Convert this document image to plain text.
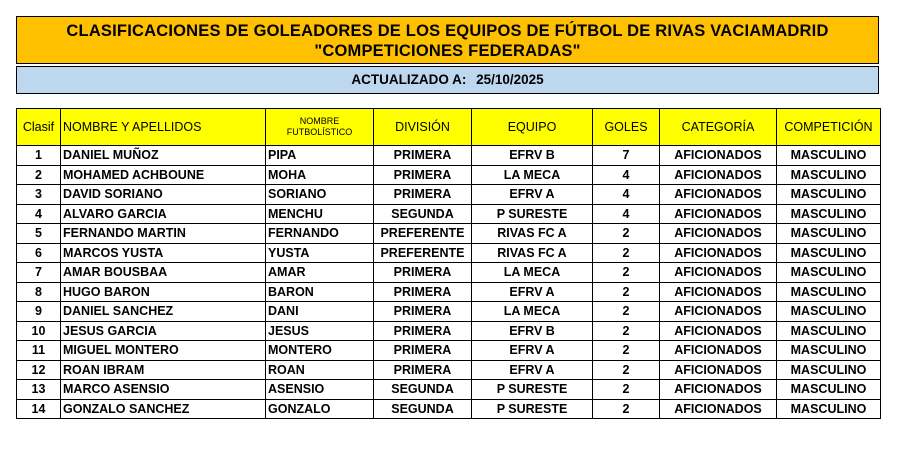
CLASIFICACIONES DE GOLEADORES DE LOS EQUIPOS DE FÚTBOL DE RIVAS VACIAMADRID
"COMPETICIONES FEDERADAS"
ACTUALIZADO A: 25/10/2025
Clasif	NOMBRE Y APELLIDOS	NOMBRE FUTBOLÍSTICO	DIVISIÓN	EQUIPO	GOLES	CATEGORÍA	COMPETICIÓN
1	DANIEL MUÑOZ	PIPA	PRIMERA	EFRV B	7	AFICIONADOS	MASCULINO
2	MOHAMED ACHBOUNE	MOHA	PRIMERA	LA MECA	4	AFICIONADOS	MASCULINO
3	DAVID SORIANO	SORIANO	PRIMERA	EFRV A	4	AFICIONADOS	MASCULINO
4	ALVARO GARCIA	MENCHU	SEGUNDA	P SURESTE	4	AFICIONADOS	MASCULINO
5	FERNANDO MARTIN	FERNANDO	PREFERENTE	RIVAS FC A	2	AFICIONADOS	MASCULINO
6	MARCOS YUSTA	YUSTA	PREFERENTE	RIVAS FC A	2	AFICIONADOS	MASCULINO
7	AMAR BOUSBAA	AMAR	PRIMERA	LA MECA	2	AFICIONADOS	MASCULINO
8	HUGO BARON	BARON	PRIMERA	EFRV A	2	AFICIONADOS	MASCULINO
9	DANIEL SANCHEZ	DANI	PRIMERA	LA MECA	2	AFICIONADOS	MASCULINO
10	JESUS GARCIA	JESUS	PRIMERA	EFRV B	2	AFICIONADOS	MASCULINO
11	MIGUEL MONTERO	MONTERO	PRIMERA	EFRV A	2	AFICIONADOS	MASCULINO
12	ROAN IBRAM	ROAN	PRIMERA	EFRV A	2	AFICIONADOS	MASCULINO
13	MARCO ASENSIO	ASENSIO	SEGUNDA	P SURESTE	2	AFICIONADOS	MASCULINO
14	GONZALO SANCHEZ	GONZALO	SEGUNDA	P SURESTE	2	AFICIONADOS	MASCULINO
